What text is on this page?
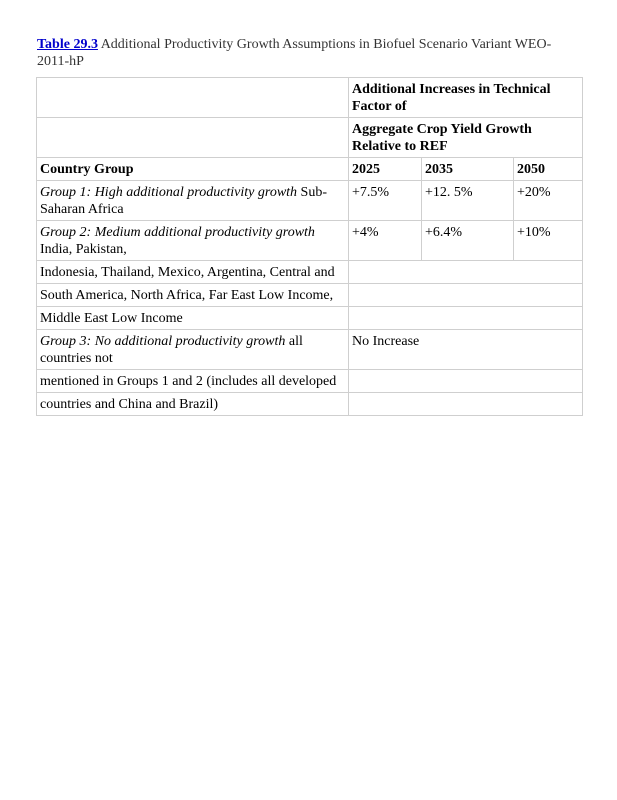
Table 29.3 Additional Productivity Growth Assumptions in Biofuel Scenario Variant WEO-2011-hP
	Additional Increases in Technical Factor of		
	Aggregate Crop Yield Growth Relative to REF		
Country Group	2025	2035	2050
Group 1: High additional productivity growth Sub-Saharan Africa	+7.5%	+12. 5%	+20%
Group 2: Medium additional productivity growth India, Pakistan,	+4%	+6.4%	+10%
Indonesia, Thailand, Mexico, Argentina, Central and			
South America, North Africa, Far East Low Income,			
Middle East Low Income			
Group 3: No additional productivity growth all countries not	No Increase		
mentioned in Groups 1 and 2 (includes all developed			
countries and China and Brazil)			
